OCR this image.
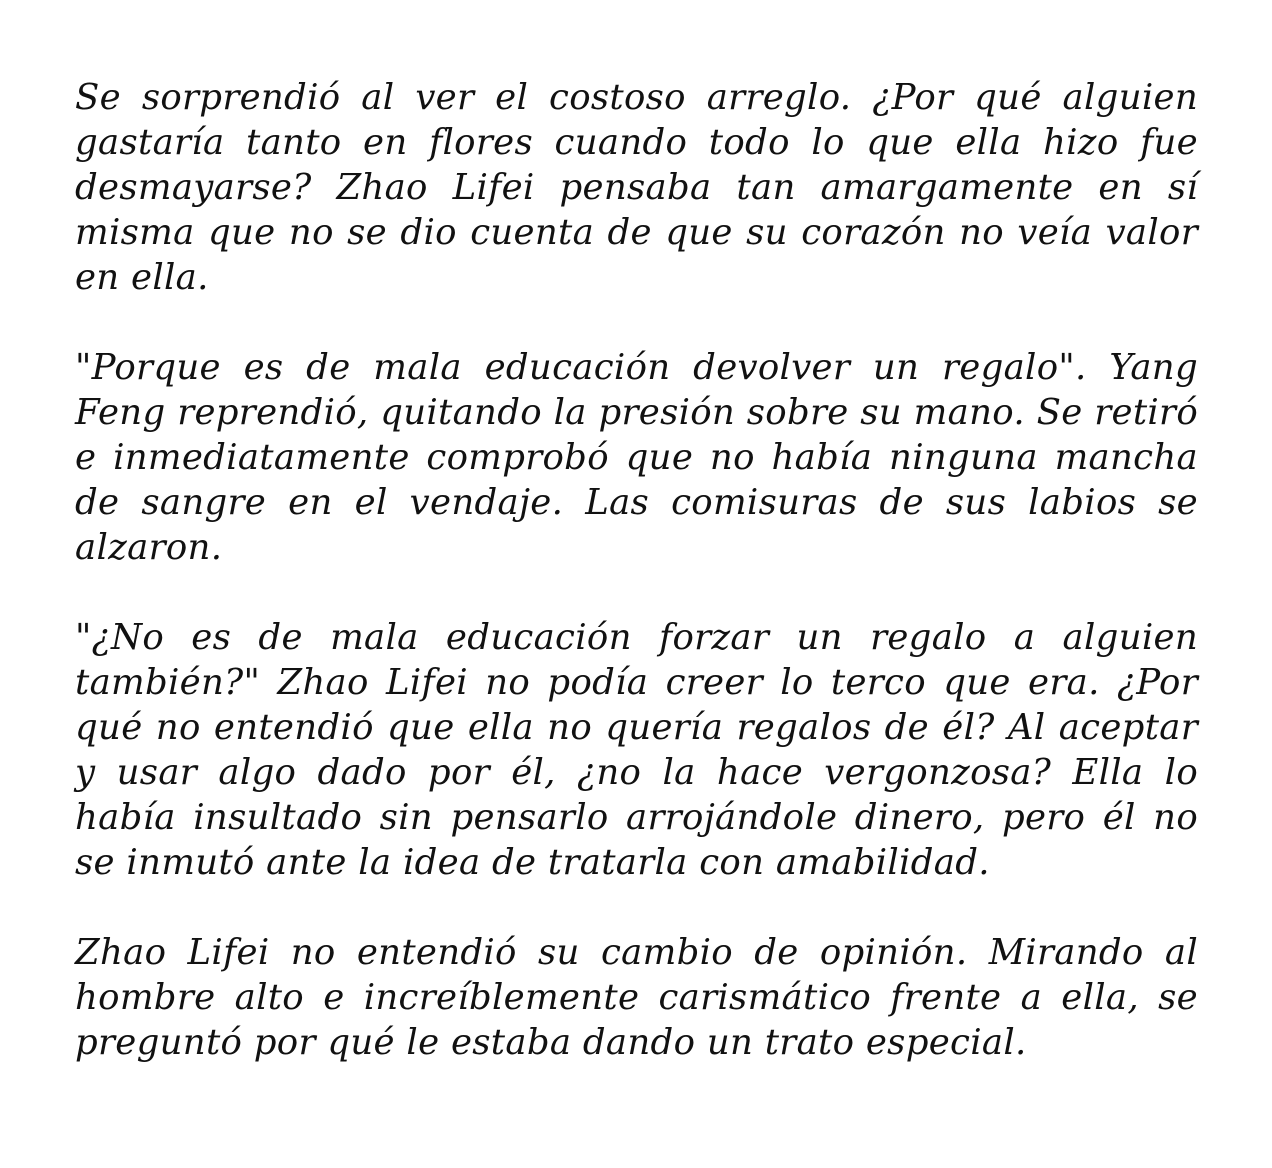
Se sorprendió al ver el costoso arreglo. ¿Por qué alguien gastaría tanto en flores cuando todo lo que ella hizo fue desmayarse? Zhao Lifei pensaba tan amargamente en sí misma que no se dio cuenta de que su corazón no veía valor en ella.

"Porque es de mala educación devolver un regalo". Yang Feng reprendió, quitando la presión sobre su mano. Se retiró e inmediatamente comprobó que no había ninguna mancha de sangre en el vendaje. Las comisuras de sus labios se alzaron.

"¿No es de mala educación forzar un regalo a alguien también?" Zhao Lifei no podía creer lo terco que era. ¿Por qué no entendió que ella no quería regalos de él? Al aceptar y usar algo dado por él, ¿no la hace vergonzosa? Ella lo había insultado sin pensarlo arrojándole dinero, pero él no se inmutó ante la idea de tratarla con amabilidad.

Zhao Lifei no entendió su cambio de opinión. Mirando al hombre alto e increíblemente carismático frente a ella, se preguntó por qué le estaba dando un trato especial.
